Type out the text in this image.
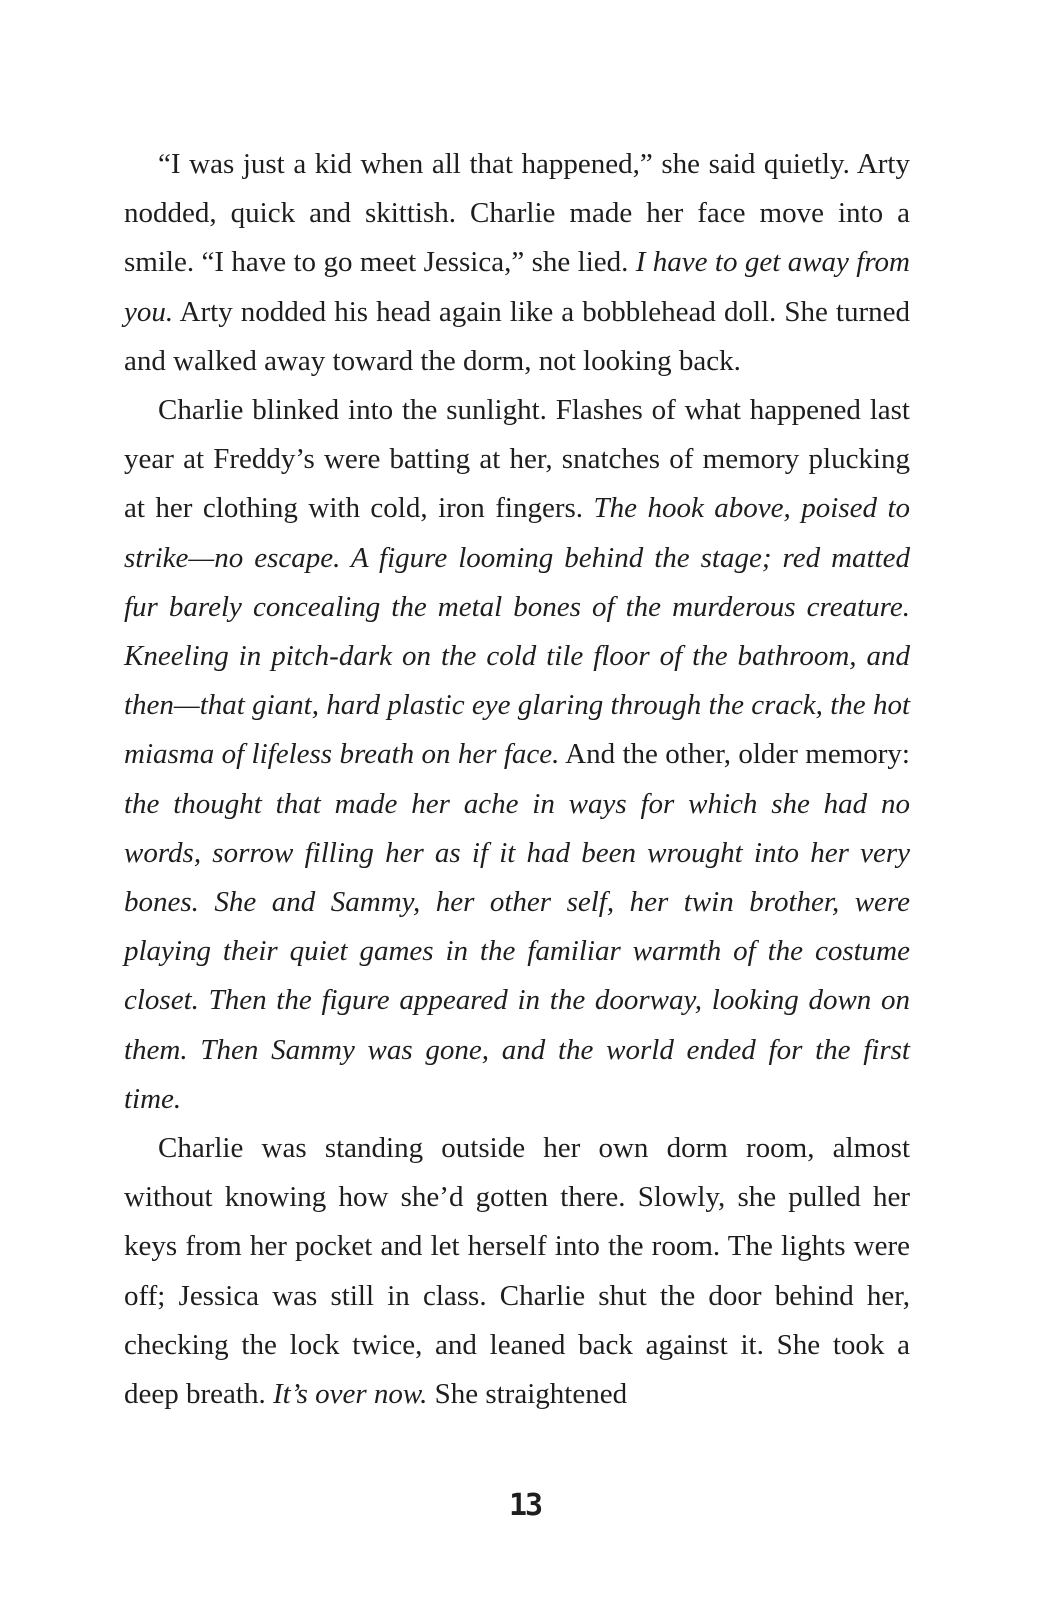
“I was just a kid when all that happened,” she said quietly. Arty nodded, quick and skittish. Charlie made her face move into a smile. “I have to go meet Jessica,” she lied. I have to get away from you. Arty nodded his head again like a bobblehead doll. She turned and walked away toward the dorm, not looking back.

Charlie blinked into the sunlight. Flashes of what happened last year at Freddy’s were batting at her, snatches of memory plucking at her clothing with cold, iron fingers. The hook above, poised to strike—no escape. A figure looming behind the stage; red matted fur barely concealing the metal bones of the murderous creature. Kneeling in pitch-dark on the cold tile floor of the bathroom, and then—that giant, hard plastic eye glaring through the crack, the hot miasma of lifeless breath on her face. And the other, older memory: the thought that made her ache in ways for which she had no words, sorrow filling her as if it had been wrought into her very bones. She and Sammy, her other self, her twin brother, were playing their quiet games in the familiar warmth of the costume closet. Then the figure appeared in the doorway, looking down on them. Then Sammy was gone, and the world ended for the first time.

Charlie was standing outside her own dorm room, almost without knowing how she’d gotten there. Slowly, she pulled her keys from her pocket and let herself into the room. The lights were off; Jessica was still in class. Charlie shut the door behind her, checking the lock twice, and leaned back against it. She took a deep breath. It’s over now. She straightened

13
